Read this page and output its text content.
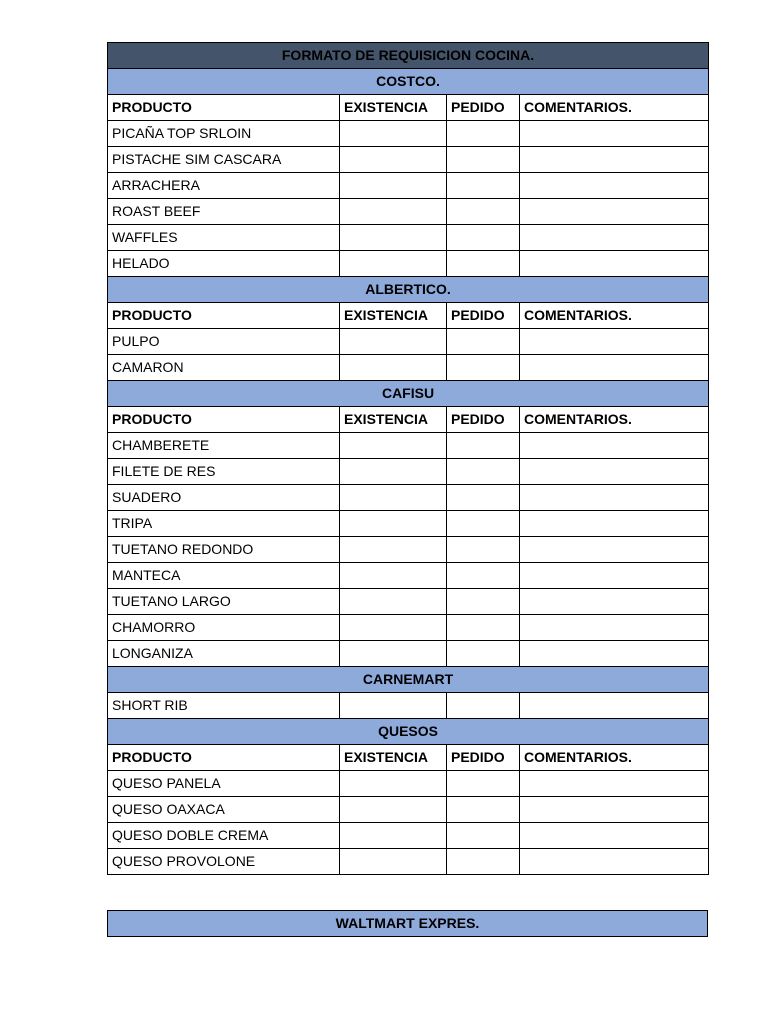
FORMATO DE REQUISICION COCINA.			
COSTCO.			
PRODUCTO	EXISTENCIA	PEDIDO	COMENTARIOS.
PICAÑA TOP SRLOIN			
PISTACHE SIM CASCARA			
ARRACHERA			
ROAST BEEF			
WAFFLES			
HELADO			
ALBERTICO.			
PRODUCTO	EXISTENCIA	PEDIDO	COMENTARIOS.
PULPO			
CAMARON			
CAFISU			
PRODUCTO	EXISTENCIA	PEDIDO	COMENTARIOS.
CHAMBERETE			
FILETE DE RES			
SUADERO			
TRIPA			
TUETANO REDONDO			
MANTECA			
TUETANO LARGO			
CHAMORRO			
LONGANIZA			
CARNEMART			
SHORT RIB			
QUESOS			
PRODUCTO	EXISTENCIA	PEDIDO	COMENTARIOS.
QUESO PANELA			
QUESO OAXACA			
QUESO DOBLE CREMA			
QUESO PROVOLONE			
WALTMART EXPRES.
